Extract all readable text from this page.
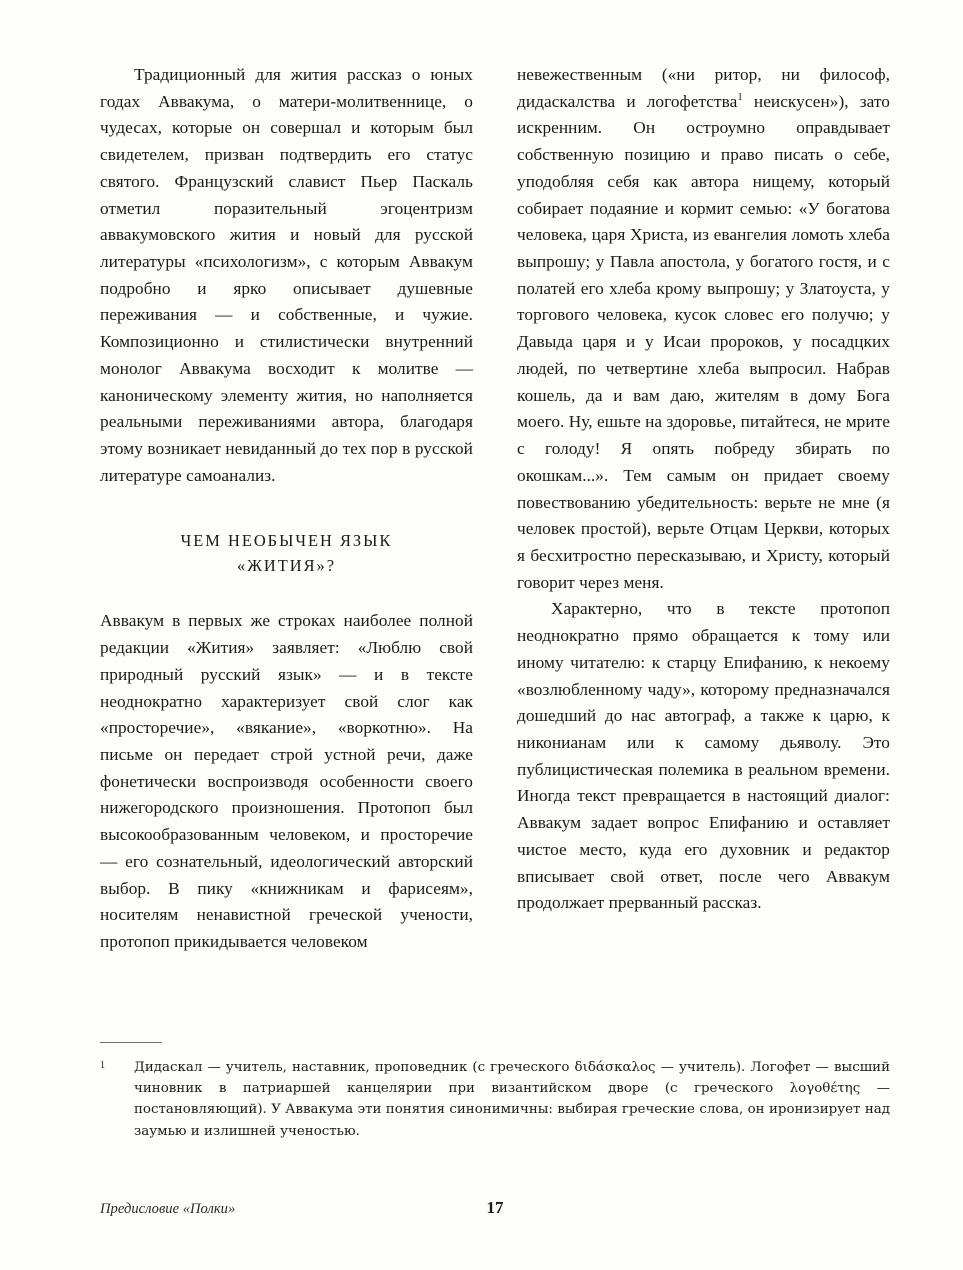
Традиционный для жития рассказ о юных годах Аввакума, о матери-молитвеннице, о чудесах, которые он совершал и которым был свидетелем, призван подтвердить его статус святого. Французский славист Пьер Паскаль отметил поразительный эгоцентризм аввакумовского жития и новый для русской литературы «психологизм», с которым Аввакум подробно и ярко описывает душевные переживания — и собственные, и чужие. Композиционно и стилистически внутренний монолог Аввакума восходит к молитве — каноническому элементу жития, но наполняется реальными переживаниями автора, благодаря этому возникает невиданный до тех пор в русской литературе самоанализ.

ЧЕМ НЕОБЫЧЕН ЯЗЫК
«ЖИТИЯ»?

Аввакум в первых же строках наиболее полной редакции «Жития» заявляет: «Люблю свой природный русский язык» — и в тексте неоднократно характеризует свой слог как «просторечие», «вякание», «воркотню». На письме он передает строй устной речи, даже фонетически воспроизводя особенности своего нижегородского произношения. Протопоп был высокообразованным человеком, и просторечие — его сознательный, идеологический авторский выбор. В пику «книжникам и фарисеям», носителям ненавистной греческой учености, протопоп прикидывается человеком

невежественным («ни ритор, ни философ, дидаскалства и логофетства$^1$ неискусен»), зато искренним. Он остроумно оправдывает собственную позицию и право писать о себе, уподобляя себя как автора нищему, который собирает подаяние и кормит семью: «У богатова человека, царя Христа, из евангелия ломоть хлеба выпрошу; у Павла апостола, у богатого гостя, и с полатей его хлеба крому выпрошу; у Златоуста, у торгового человека, кусок словес его получю; у Давыда царя и у Исаи пророков, у посадцких людей, по четвертине хлеба выпросил. Набрав кошель, да и вам даю, жителям в дому Бога моего. Ну, ешьте на здоровье, питайтеся, не мрите с голоду! Я опять побреду збирать по окошкам...». Тем самым он придает своему повествованию убедительность: верьте не мне (я человек простой), верьте Отцам Церкви, которых я бесхитростно пересказываю, и Христу, который говорит через меня.

Характерно, что в тексте протопоп неоднократно прямо обращается к тому или иному читателю: к старцу Епифанию, к некоему «возлюбленному чаду», которому предназначался дошедший до нас автограф, а также к царю, к никонианам или к самому дьяволу. Это публицистическая полемика в реальном времени. Иногда текст превращается в настоящий диалог: Аввакум задает вопрос Епифанию и оставляет чистое место, куда его духовник и редактор вписывает свой ответ, после чего Аввакум продолжает прерванный рассказ.

1	Дидаскал — учитель, наставник, проповедник (с греческого διδάσκαλος — учитель). Логофет — высший чиновник в патриаршей канцелярии при византийском дворе (с греческого λογοθέτης — постановляющий). У Аввакума эти понятия синонимичны: выбирая греческие слова, он иронизирует над заумью и излишней ученостью.
Предисловие «Полки»	17
